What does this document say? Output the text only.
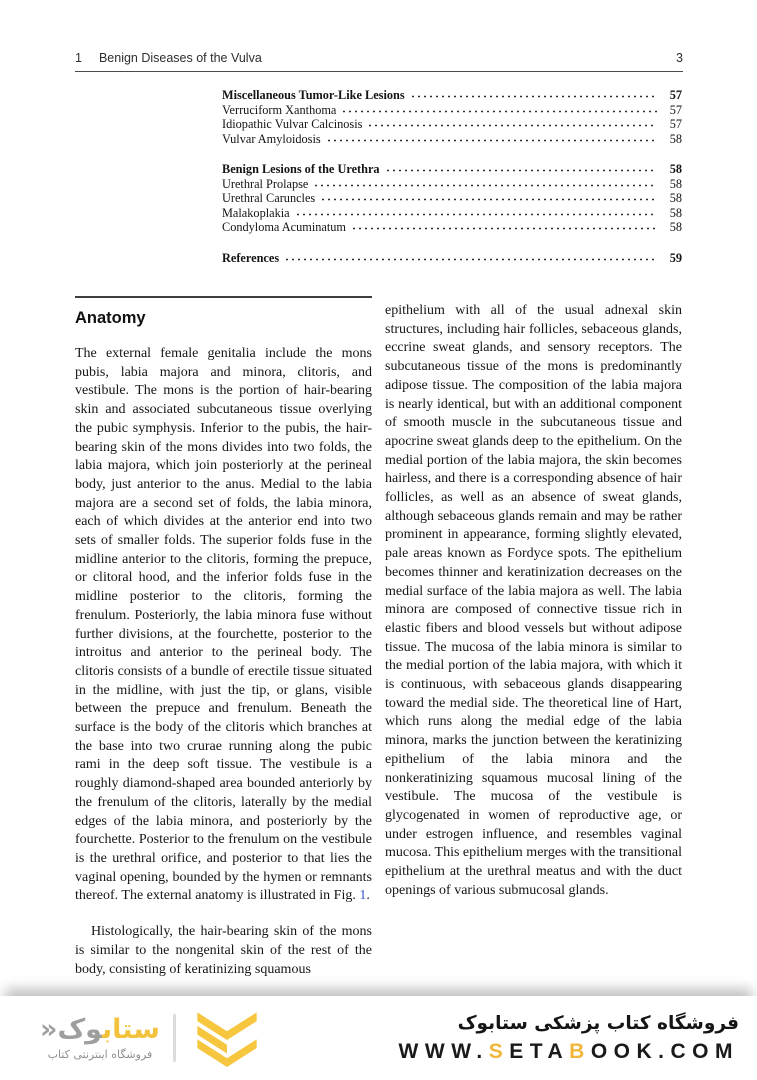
1 Benign Diseases of the Vulva	3
Miscellaneous Tumor-Like Lesions	57
Verruciform Xanthoma	57
Idiopathic Vulvar Calcinosis	57
Vulvar Amyloidosis	58
Benign Lesions of the Urethra	58
Urethral Prolapse	58
Urethral Caruncles	58
Malakoplakia	58
Condyloma Acuminatum	58
References	59
Anatomy
The external female genitalia include the mons pubis, labia majora and minora, clitoris, and vestibule. The mons is the portion of hair-bearing skin and associated subcutaneous tissue overlying the pubic symphysis. Inferior to the pubis, the hair-bearing skin of the mons divides into two folds, the labia majora, which join posteriorly at the perineal body, just anterior to the anus. Medial to the labia majora are a second set of folds, the labia minora, each of which divides at the anterior end into two sets of smaller folds. The superior folds fuse in the midline anterior to the clitoris, forming the prepuce, or clitoral hood, and the inferior folds fuse in the midline posterior to the clitoris, forming the frenulum. Posteriorly, the labia minora fuse without further divisions, at the fourchette, posterior to the introitus and anterior to the perineal body. The clitoris consists of a bundle of erectile tissue situated in the midline, with just the tip, or glans, visible between the prepuce and frenulum. Beneath the surface is the body of the clitoris which branches at the base into two crurae running along the pubic rami in the deep soft tissue. The vestibule is a roughly diamond-shaped area bounded anteriorly by the frenulum of the clitoris, laterally by the medial edges of the labia minora, and posteriorly by the fourchette. Posterior to the frenulum on the vestibule is the urethral orifice, and posterior to that lies the vaginal opening, bounded by the hymen or remnants thereof. The external anatomy is illustrated in Fig. 1.
Histologically, the hair-bearing skin of the mons is similar to the nongenital skin of the rest of the body, consisting of keratinizing squamous
epithelium with all of the usual adnexal skin structures, including hair follicles, sebaceous glands, eccrine sweat glands, and sensory receptors. The subcutaneous tissue of the mons is predominantly adipose tissue. The composition of the labia majora is nearly identical, but with an additional component of smooth muscle in the subcutaneous tissue and apocrine sweat glands deep to the epithelium. On the medial portion of the labia majora, the skin becomes hairless, and there is a corresponding absence of hair follicles, as well as an absence of sweat glands, although sebaceous glands remain and may be rather prominent in appearance, forming slightly elevated, pale areas known as Fordyce spots. The epithelium becomes thinner and keratinization decreases on the medial surface of the labia majora as well. The labia minora are composed of connective tissue rich in elastic fibers and blood vessels but without adipose tissue. The mucosa of the labia minora is similar to the medial portion of the labia majora, with which it is continuous, with sebaceous glands disappearing toward the medial side. The theoretical line of Hart, which runs along the medial edge of the labia minora, marks the junction between the keratinizing epithelium of the labia minora and the nonkeratinizing squamous mucosal lining of the vestibule. The mucosa of the vestibule is glycogenated in women of reproductive age, or under estrogen influence, and resembles vaginal mucosa. This epithelium merges with the transitional epithelium at the urethral meatus and with the duct openings of various submucosal glands.
ستابوک«
فروشگاه اینترنتی کتاب
فروشگاه کتاب پزشکی ستابوک
WWW.SETABOOK.COM
